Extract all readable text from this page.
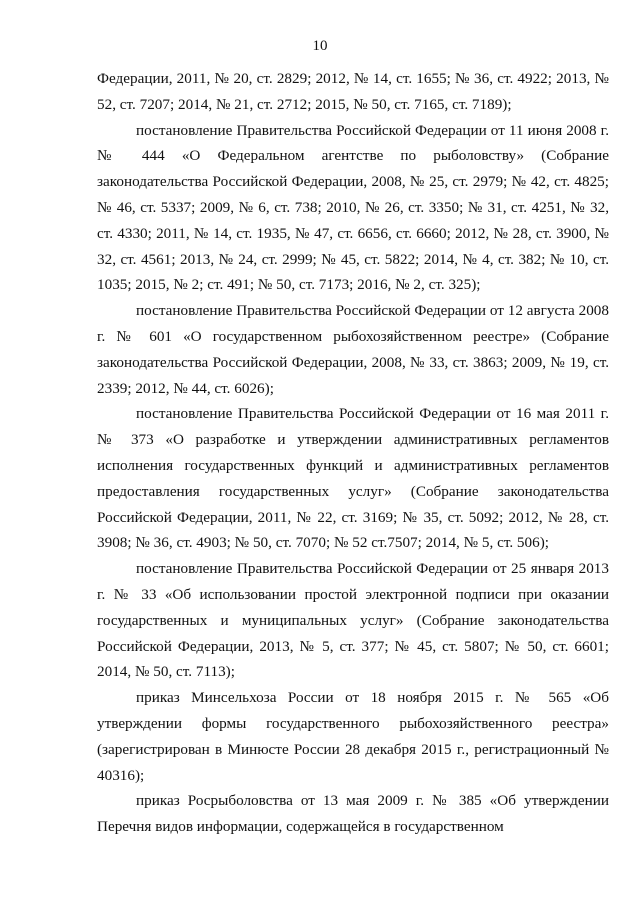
10

Федерации, 2011, № 20, ст. 2829; 2012, № 14, ст. 1655; № 36, ст. 4922; 2013, № 52, ст. 7207; 2014, № 21, ст. 2712; 2015, № 50, ст. 7165, ст. 7189);

постановление Правительства Российской Федерации от 11 июня 2008 г. № 444 «О Федеральном агентстве по рыболовству» (Собрание законодательства Российской Федерации, 2008, № 25, ст. 2979; № 42, ст. 4825; № 46, ст. 5337; 2009, № 6, ст. 738; 2010, № 26, ст. 3350; № 31, ст. 4251, № 32, ст. 4330; 2011, № 14, ст. 1935, № 47, ст. 6656, ст. 6660; 2012, № 28, ст. 3900, № 32, ст. 4561; 2013, № 24, ст. 2999; № 45, ст. 5822; 2014, № 4, ст. 382; № 10, ст. 1035; 2015, № 2; ст. 491; № 50, ст. 7173; 2016, № 2, ст. 325);

постановление Правительства Российской Федерации от 12 августа 2008 г. № 601 «О государственном рыбохозяйственном реестре» (Собрание законодательства Российской Федерации, 2008, № 33, ст. 3863; 2009, № 19, ст. 2339; 2012, № 44, ст. 6026);

постановление Правительства Российской Федерации от 16 мая 2011 г. № 373 «О разработке и утверждении административных регламентов исполнения государственных функций и административных регламентов предоставления государственных услуг» (Собрание законодательства Российской Федерации, 2011, № 22, ст. 3169; № 35, ст. 5092; 2012, № 28, ст. 3908; № 36, ст. 4903; № 50, ст. 7070; № 52 ст.7507; 2014, № 5, ст. 506);

постановление Правительства Российской Федерации от 25 января 2013 г. № 33 «Об использовании простой электронной подписи при оказании государственных и муниципальных услуг» (Собрание законодательства Российской Федерации, 2013, № 5, ст. 377; № 45, ст. 5807; № 50, ст. 6601; 2014, № 50, ст. 7113);

приказ Минсельхоза России от 18 ноября 2015 г. № 565 «Об утверждении формы государственного рыбохозяйственного реестра» (зарегистрирован в Минюсте России 28 декабря 2015 г., регистрационный № 40316);

приказ Росрыболовства от 13 мая 2009 г. № 385 «Об утверждении Перечня видов информации, содержащейся в государственном
